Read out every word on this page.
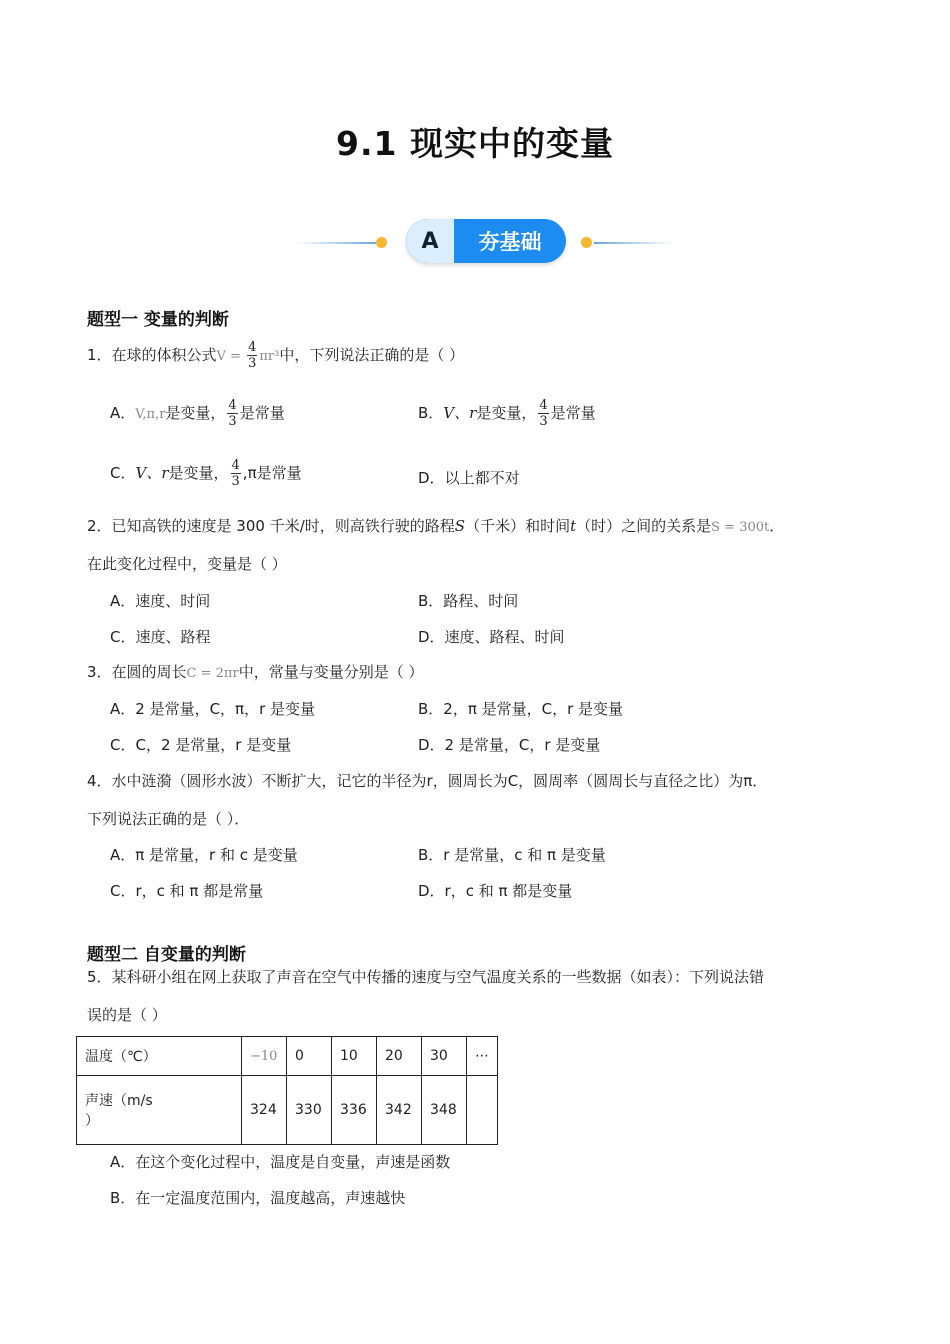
9.1 现实中的变量
A	夯基础
题型一 变量的判断
1．在球的体积公式$V = \frac{4}{3} \pi r^3$中，下列说法正确的是（ ）
A．V,π,r是变量， $\frac{4}{3}$ 是常量	B．V、r是变量， $\frac{4}{3}$ 是常量
C．V、r是变量， $\frac{4}{3} ,\pi$是常量	D．以上都不对
2．已知高铁的速度是 300 千米/时，则高铁行驶的路程S（千米）和时间t（时）之间的关系是S = 300t．
在此变化过程中，变量是（ ）
A．速度、时间	B．路程、时间
C．速度、路程	D．速度、路程、时间
3．在圆的周长C = 2πr中，常量与变量分别是（ ）
A．2 是常量，C，π，r 是变量	B．2，π 是常量，C，r 是变量
C．C，2 是常量，r 是变量	D．2 是常量，C，r 是变量
4．水中涟漪（圆形水波）不断扩大，记它的半径为r，圆周长为C，圆周率（圆周长与直径之比）为π．
下列说法正确的是（ ）．
A．π 是常量，r 和 c 是变量	B．r 是常量，c 和 π 是变量
C．r，c 和 π 都是常量	D．r，c 和 π 都是变量
题型二 自变量的判断
5．某科研小组在网上获取了声音在空气中传播的速度与空气温度关系的一些数据（如表）：下列说法错
误的是（ ）
温度（℃）	−10	0	10	20	30	⋯

声速（m/s
）	324	330	336	342	348	
A．在这个变化过程中，温度是自变量，声速是函数
B．在一定温度范围内，温度越高，声速越快
